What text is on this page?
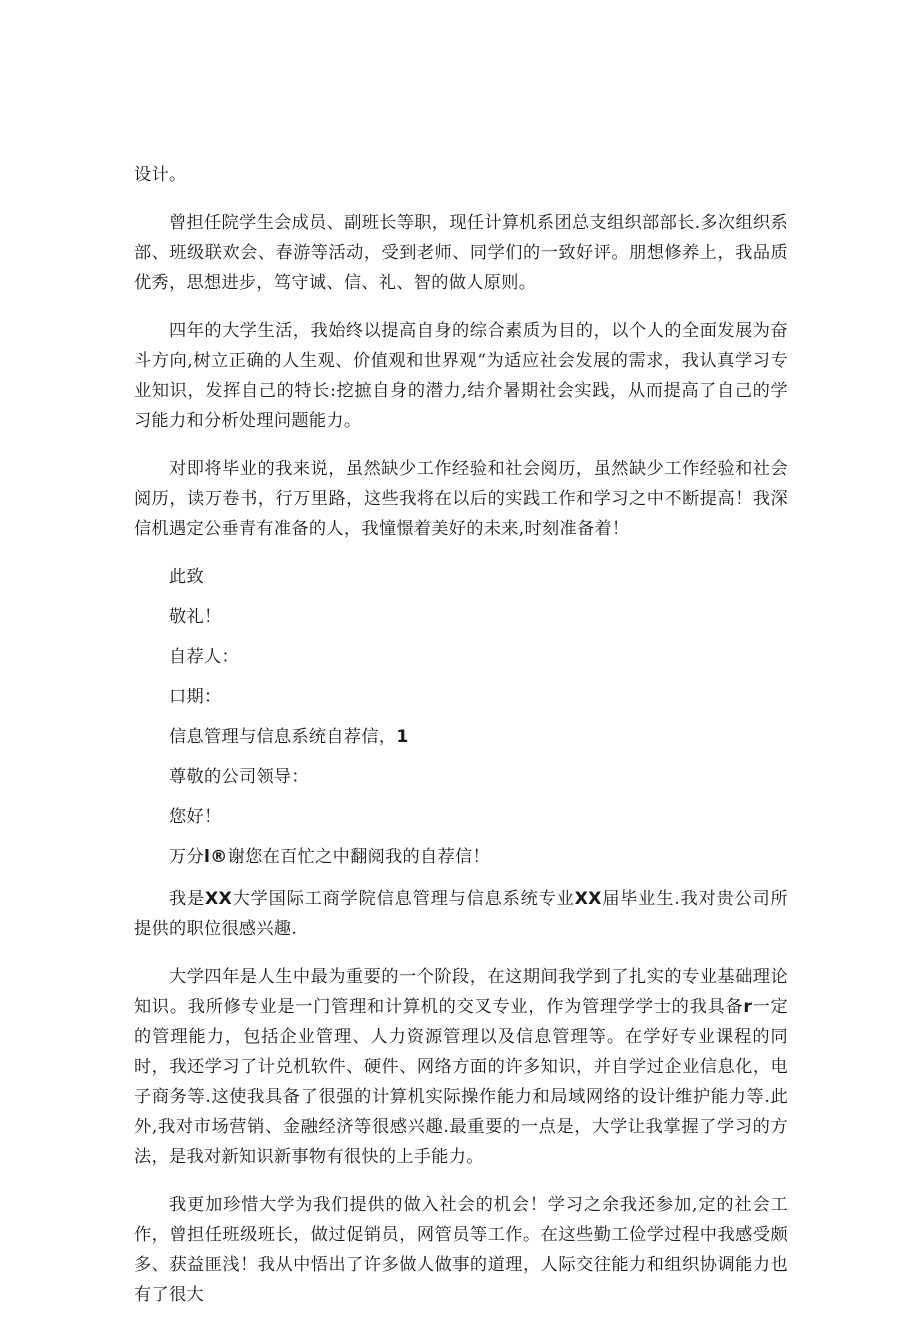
设计。

曾担任院学生会成员、副班长等职，现任计算机系团总支组织部部长.多次组织系部、班级联欢会、春游等活动，受到老师、同学们的一致好评。朋想修养上，我品质优秀，思想进步，笃守诚、信、礼、智的做人原则。

四年的大学生活，我始终以提高自身的综合素质为目的，以个人的全面发展为奋斗方向,树立正确的人生观、价值观和世界观“为适应社会发展的需求，我认真学习专业知识，发挥自己的特长:挖摭自身的潜力,结介暑期社会实践，从而提高了自己的学习能力和分析处理问题能力。

对即将毕业的我来说，虽然缺少工作经验和社会阅历，虽然缺少工作经验和社会阅历，读万卷书，行万里路，这些我将在以后的实践工作和学习之中不断提高！我深信机遇定公垂青有准备的人，我憧憬着美好的未来,时刻准备着！

此致

敬礼！

自荐人：

口期：

信息管理与信息系统自荐信，1

尊敬的公司领导：

您好！

万分l®谢您在百忙之中翻阅我的自荐信！

我是XX大学国际工商学院信息管理与信息系统专业XX届毕业生.我对贵公司所提供的职位很感兴趣.

大学四年是人生中最为重要的一个阶段，在这期间我学到了扎实的专业基础理论知识。我所修专业是一门管理和计算机的交叉专业，作为管理学学士的我具备r一定的管理能力，包括企业管理、人力资源管理以及信息管理等。在学好专业课程的同时，我还学习了计兑机软件、硬件、网络方面的许多知识，并自学过企业信息化，电子商务等.这使我具备了很强的计算机实际操作能力和局域网络的设计维护能力等.此外,我对市场营销、金融经济等很感兴趣.最重要的一点是，大学让我掌握了学习的方法，是我对新知识新事物有很快的上手能力。

我更加珍惜大学为我们提供的做入社会的机会！学习之余我还参加,定的社会工作，曾担任班级班长，做过促销员，网管员等工作。在这些勤工俭学过程中我感受颇多、获益匪浅！我从中悟出了许多做人做事的道理，人际交往能力和组织协调能力也有了很大
